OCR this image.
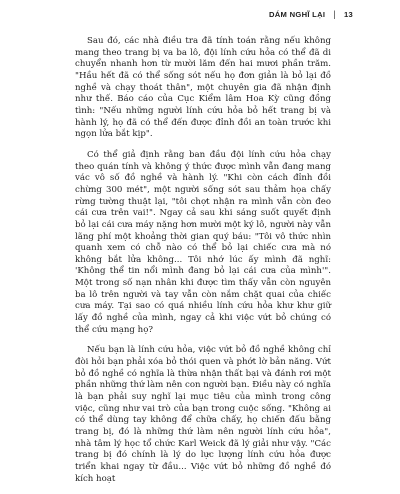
DÁM NGHĨ LẠI | 13

Sau đó, các nhà điều tra đã tính toán rằng nếu không mang theo trang bị va ba lô, đội lính cứu hỏa có thể đã di chuyển nhanh hơn từ mười lăm đến hai mươi phần trăm. "Hầu hết đã có thể sống sót nếu họ đơn giản là bỏ lại đồ nghề và chạy thoát thân", một chuyên gia đã nhận định như thế. Báo cáo của Cục Kiểm lâm Hoa Kỳ cũng đồng tình: "Nếu những người lính cứu hỏa bỏ hết trang bị và hành lý, họ đã có thể đến được đỉnh đồi an toàn trước khi ngọn lửa bắt kịp".

Có thể giả định rằng ban đầu đội lính cứu hỏa chạy theo quán tính và không ý thức được mình vẫn đang mang vác vô số đồ nghề và hành lý. "Khi còn cách đỉnh đồi chừng 300 mét", một người sống sót sau thảm họa chấy rừng tường thuật lại, "tôi chợt nhận ra mình vẫn còn đeo cái cưa trên vai!". Ngay cả sau khi sáng suốt quyết định bỏ lại cái cưa máy nặng hơn mười một ký lô, người này vẫn lãng phí một khoảng thời gian quý báu: "Tôi vô thức nhìn quanh xem có chỗ nào có thể bỏ lại chiếc cưa mà nó không bắt lửa không... Tôi nhớ lúc ấy mình đã nghĩ: 'Không thể tin nổi mình đang bỏ lại cái cưa của mình'". Một trong số nạn nhân khi được tìm thấy vẫn còn nguyên ba lô trên người và tay vẫn còn nắm chặt quai của chiếc cưa máy. Tại sao có quá nhiều lính cứu hỏa khư khư giữ lấy đồ nghề của mình, ngay cả khi việc vứt bỏ chúng có thể cứu mạng họ?

Nếu bạn là lính cứu hỏa, việc vứt bỏ đồ nghề không chỉ đòi hỏi bạn phải xóa bỏ thói quen và phớt lờ bản năng. Vứt bỏ đồ nghề có nghĩa là thừa nhận thất bại và đánh rơi một phần những thứ làm nên con người bạn. Điều này có nghĩa là bạn phải suy nghĩ lại mục tiêu của mình trong công việc, cũng như vai trò của bạn trong cuộc sống. "Không ai có thể dùng tay không để chữa chấy, họ chiến đấu bằng trang bị, đó là những thứ làm nên người lính cứu hỏa", nhà tâm lý học tổ chức Karl Weick đã lý giải như vậy. "Các trang bị đó chính là lý do lực lượng lính cứu hỏa được triển khai ngay từ đầu... Việc vứt bỏ những đồ nghề đó kích hoạt
